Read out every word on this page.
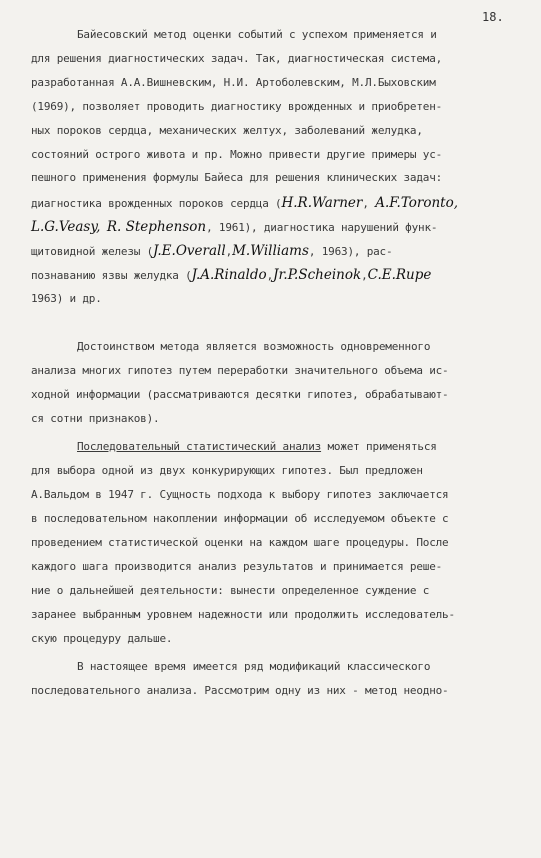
18.
Байесовский метод оценки событий с успехом применяется и
для решения диагностических задач. Так, диагностическая система,
разработанная А.А.Вишневским, Н.И. Артоболевским, М.Л.Быховским
(1969), позволяет проводить диагностику врожденных и приобретен-
ных пороков сердца, механических желтух, заболеваний желудка,
состояний острого живота и пр. Можно привести другие примеры ус-
пешного применения формулы Байеса для решения клинических задач:
диагностика врожденных пороков сердца (H.R.Warner, A.F.Toronto,
L.G.Veasy, R. Stephenson, 1961), диагностика нарушений функ-
щитовидной железы (J.E.Overall,M.Williams, 1963), рас-
познаванию язвы желудка (J.A.Rinaldo,Jr.P.Scheinok,C.E.Rupe
1963) и др.
Достоинством метода является возможность одновременного
анализа многих гипотез путем переработки значительного объема ис-
ходной информации (рассматриваются десятки гипотез, обрабатывают-
ся сотни признаков).
Последовательный статистический анализ может применяться
для выбора одной из двух конкурирующих гипотез. Был предложен
А.Вальдом в 1947 г. Сущность подхода к выбору гипотез заключается
в последовательном накоплении информации об исследуемом объекте с
проведением статистической оценки на каждом шаге процедуры. После
каждого шага производится анализ результатов и принимается реше-
ние о дальнейшей деятельности: вынести определенное суждение с
заранее выбранным уровнем надежности или продолжить исследователь-
скую процедуру дальше.
В настоящее время имеется ряд модификаций классического
последовательного анализа. Рассмотрим одну из них - метод неодно-
